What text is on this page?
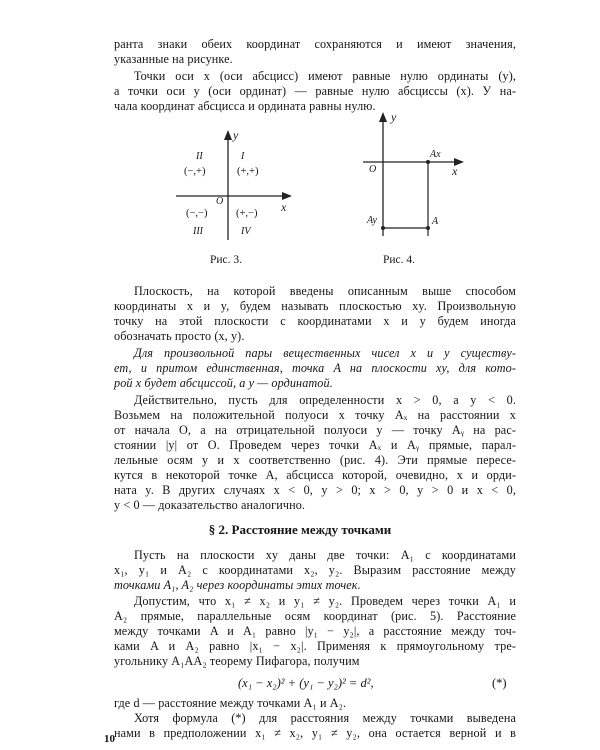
ранта знаки обеих координат сохраняются и имеют значения,
указанные на рисунке.
Точки оси x (оси абсцисс) имеют равные нулю ординаты (y),
а точки оси y (оси ординат) — равные нулю абсциссы (x). У на-
чала координат абсцисса и ордината равны нулю.
y
x
O
I
(+,+)
II
(−,+)
(−,−)
III
(+,−)
IV
Рис. 3.
y
x
O
Ax
Ay	A
Рис. 4.
Плоскость, на которой введены описанным выше способом
координаты x и y, будем называть плоскостью xy. Произвольную
точку на этой плоскости с координатами x и y будем иногда
обозначать просто (x, y).
Для произвольной пары вещественных чисел x и y существу-
ет, и притом единственная, точка A на плоскости xy, для кото-
рой x будет абсциссой, а y — ординатой.
Действительно, пусть для определенности x > 0, а y < 0.
Возьмем на положительной полуоси x точку Aₓ на расстоянии x
от начала O, а на отрицательной полуоси y — точку Aᵧ на рас-
стоянии |y| от O. Проведем через точки Aₓ и Aᵧ прямые, парал-
лельные осям y и x соответственно (рис. 4). Эти прямые пересе-
кутся в некоторой точке A, абсцисса которой, очевидно, x и орди-
ната y. В других случаях x < 0, y > 0; x > 0, y > 0 и x < 0,
y < 0 — доказательство аналогично.
§ 2. Расстояние между точками
Пусть на плоскости xy даны две точки: A₁ с координатами
x₁, y₁ и A₂ с координатами x₂, y₂. Выразим расстояние между
точками A₁, A₂ через координаты этих точек.
Допустим, что x₁ ≠ x₂ и y₁ ≠ y₂. Проведем через точки A₁ и
A₂ прямые, параллельные осям координат (рис. 5). Расстояние
между точками A и A₁ равно |y₁ − y₂|, а расстояние между точ-
ками A и A₂ равно |x₁ − x₂|. Применяя к прямоугольному тре-
угольнику A₁AA₂ теорему Пифагора, получим
(x₁ − x₂)² + (y₁ − y₂)² = d²,	(*)
где d — расстояние между точками A₁ и A₂.
Хотя формула (*) для расстояния между точками выведена
нами в предположении x₁ ≠ x₂, y₁ ≠ y₂, она остается верной и в
10
